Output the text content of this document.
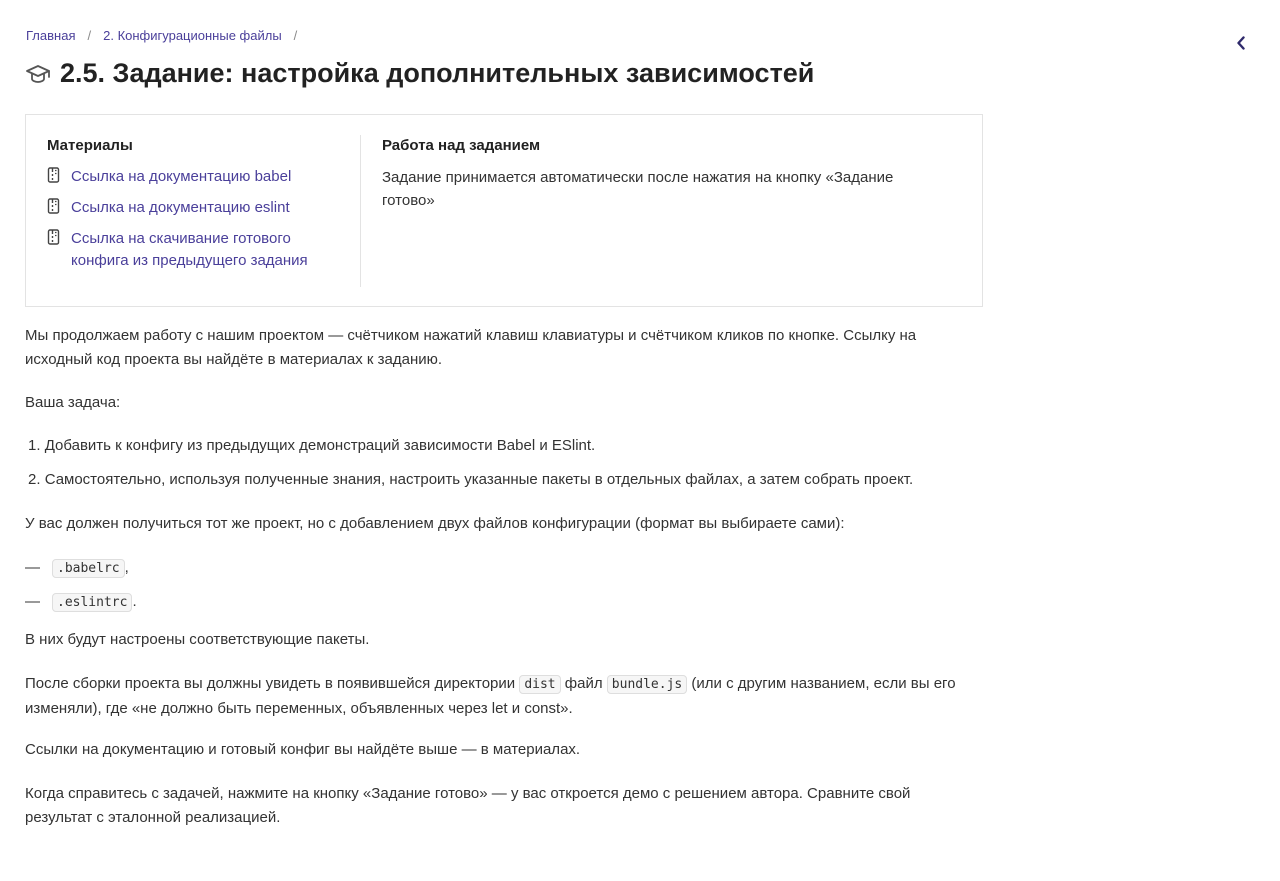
Главная / 2. Конфигурационные файлы /
2.5. Задание: настройка дополнительных зависимостей
Материалы
Ссылка на документацию babel
Ссылка на документацию eslint
Ссылка на скачивание готового конфига из предыдущего задания
Работа над заданием

Задание принимается автоматически после нажатия на кнопку «Задание готово»

Мы продолжаем работу с нашим проектом — счётчиком нажатий клавиш клавиатуры и счётчиком кликов по кнопке. Ссылку на исходный код проекта вы найдёте в материалах к заданию.

Ваша задача:

1. Добавить к конфигу из предыдущих демонстраций зависимости Babel и ESlint.

2. Самостоятельно, используя полученные знания, настроить указанные пакеты в отдельных файлах, а затем собрать проект.

У вас должен получиться тот же проект, но с добавлением двух файлов конфигурации (формат вы выбираете сами):

— .babelrc ,

— .eslintrc .

В них будут настроены соответствующие пакеты.

После сборки проекта вы должны увидеть в появившейся директории dist файл bundle.js (или с другим названием, если вы его изменяли), где «не должно быть переменных, объявленных через let и const».

Ссылки на документацию и готовый конфиг вы найдёте выше — в материалах.

Когда справитесь с задачей, нажмите на кнопку «Задание готово» — у вас откроется демо с решением автора. Сравните свой результат с эталонной реализацией.
